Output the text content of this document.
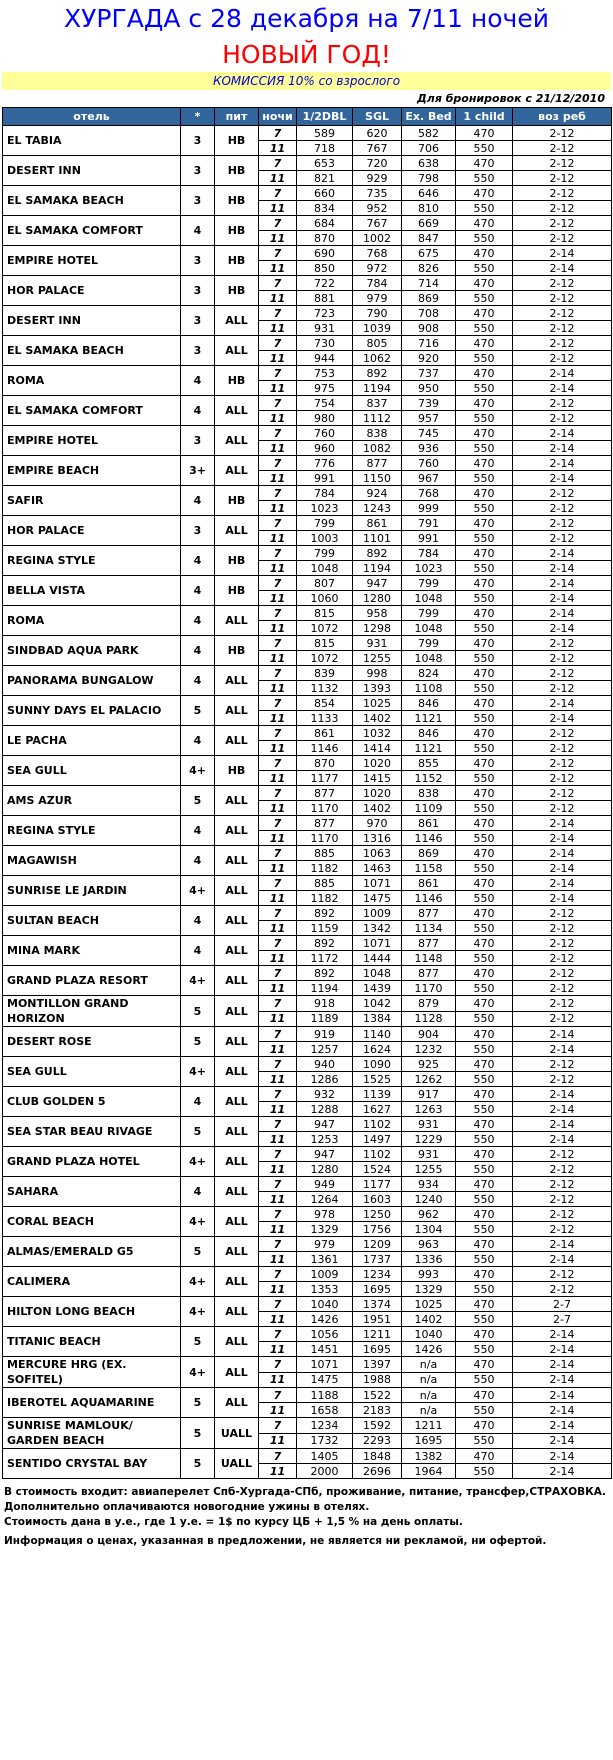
ХУРГАДА с 28 декабря на 7/11 ночей
НОВЫЙ ГОД!
КОМИССИЯ 10% со взрослого
Для бронировок с 21/12/2010
отель	*	пит	ночи	1/2DBL	SGL	Ex. Bed	1 child	воз реб
EL TABIA	3	HB	7	589	620	582	470	2-12
			11	718	767	706	550	2-12
DESERT INN	3	HB	7	653	720	638	470	2-12
			11	821	929	798	550	2-12
EL SAMAKA BEACH	3	HB	7	660	735	646	470	2-12
			11	834	952	810	550	2-12
EL SAMAKA COMFORT	4	HB	7	684	767	669	470	2-12
			11	870	1002	847	550	2-12
EMPIRE HOTEL	3	HB	7	690	768	675	470	2-14
			11	850	972	826	550	2-14
HOR PALACE	3	HB	7	722	784	714	470	2-12
			11	881	979	869	550	2-12
DESERT INN	3	ALL	7	723	790	708	470	2-12
			11	931	1039	908	550	2-12
EL SAMAKA BEACH	3	ALL	7	730	805	716	470	2-12
			11	944	1062	920	550	2-12
ROMA	4	HB	7	753	892	737	470	2-14
			11	975	1194	950	550	2-14
EL SAMAKA COMFORT	4	ALL	7	754	837	739	470	2-12
			11	980	1112	957	550	2-12
EMPIRE HOTEL	3	ALL	7	760	838	745	470	2-14
			11	960	1082	936	550	2-14
EMPIRE BEACH	3+	ALL	7	776	877	760	470	2-14
			11	991	1150	967	550	2-14
SAFIR	4	HB	7	784	924	768	470	2-12
			11	1023	1243	999	550	2-12
HOR PALACE	3	ALL	7	799	861	791	470	2-12
			11	1003	1101	991	550	2-12
REGINA STYLE	4	HB	7	799	892	784	470	2-14
			11	1048	1194	1023	550	2-14
BELLA VISTA	4	HB	7	807	947	799	470	2-14
			11	1060	1280	1048	550	2-14
ROMA	4	ALL	7	815	958	799	470	2-14
			11	1072	1298	1048	550	2-14
SINDBAD AQUA PARK	4	HB	7	815	931	799	470	2-12
			11	1072	1255	1048	550	2-12
PANORAMA BUNGALOW	4	ALL	7	839	998	824	470	2-12
			11	1132	1393	1108	550	2-12
SUNNY DAYS EL PALACIO	5	ALL	7	854	1025	846	470	2-14
			11	1133	1402	1121	550	2-14
LE PACHA	4	ALL	7	861	1032	846	470	2-12
			11	1146	1414	1121	550	2-12
SEA GULL	4+	HB	7	870	1020	855	470	2-12
			11	1177	1415	1152	550	2-12
AMS AZUR	5	ALL	7	877	1020	838	470	2-12
			11	1170	1402	1109	550	2-12
REGINA STYLE	4	ALL	7	877	970	861	470	2-14
			11	1170	1316	1146	550	2-14
MAGAWISH	4	ALL	7	885	1063	869	470	2-14
			11	1182	1463	1158	550	2-14
SUNRISE LE JARDIN	4+	ALL	7	885	1071	861	470	2-14
			11	1182	1475	1146	550	2-14
SULTAN BEACH	4	ALL	7	892	1009	877	470	2-12
			11	1159	1342	1134	550	2-12
MINA MARK	4	ALL	7	892	1071	877	470	2-12
			11	1172	1444	1148	550	2-12
GRAND PLAZA RESORT	4+	ALL	7	892	1048	877	470	2-12
			11	1194	1439	1170	550	2-12
MONTILLON GRAND HORIZON	5	ALL	7	918	1042	879	470	2-12
			11	1189	1384	1128	550	2-12
DESERT ROSE	5	ALL	7	919	1140	904	470	2-14
			11	1257	1624	1232	550	2-14
SEA GULL	4+	ALL	7	940	1090	925	470	2-12
			11	1286	1525	1262	550	2-12
CLUB GOLDEN 5	4	ALL	7	932	1139	917	470	2-14
			11	1288	1627	1263	550	2-14
SEA STAR BEAU RIVAGE	5	ALL	7	947	1102	931	470	2-14
			11	1253	1497	1229	550	2-14
GRAND PLAZA HOTEL	4+	ALL	7	947	1102	931	470	2-12
			11	1280	1524	1255	550	2-12
SAHARA	4	ALL	7	949	1177	934	470	2-12
			11	1264	1603	1240	550	2-12
CORAL BEACH	4+	ALL	7	978	1250	962	470	2-12
			11	1329	1756	1304	550	2-12
ALMAS/EMERALD G5	5	ALL	7	979	1209	963	470	2-14
			11	1361	1737	1336	550	2-14
CALIMERA	4+	ALL	7	1009	1234	993	470	2-12
			11	1353	1695	1329	550	2-12
HILTON LONG BEACH	4+	ALL	7	1040	1374	1025	470	2-7
			11	1426	1951	1402	550	2-7
TITANIC BEACH	5	ALL	7	1056	1211	1040	470	2-14
			11	1451	1695	1426	550	2-14
MERCURE HRG (EX. SOFITEL)	4+	ALL	7	1071	1397	n/a	470	2-14
			11	1475	1988	n/a	550	2-14
IBEROTEL AQUAMARINE	5	ALL	7	1188	1522	n/a	470	2-14
			11	1658	2183	n/a	550	2-14
SUNRISE MAMLOUK/ GARDEN BEACH	5	UALL	7	1234	1592	1211	470	2-14
			11	1732	2293	1695	550	2-14
SENTIDO CRYSTAL BAY	5	UALL	7	1405	1848	1382	470	2-14
			11	2000	2696	1964	550	2-14

В стоимость входит: авиаперелет Спб-Хургада-СПб, проживание, питание, трансфер,СТРАХОВКА.

Дополнительно оплачиваются новогодние ужины в отелях.

Стоимость дана в у.е., где 1 у.е. = 1$ по курсу ЦБ + 1,5 % на день оплаты.

Информация о ценах, указанная в предложении, не является ни рекламой, ни офертой.
